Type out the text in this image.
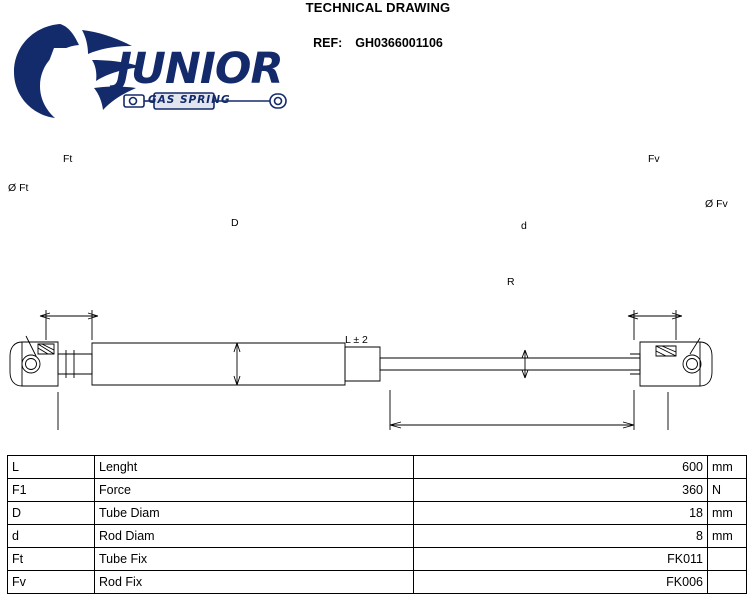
TECHNICAL DRAWING
REF: GH0366001106
JUNIOR
GAS SPRING
Ft	Fv
Ø Ft
Ø Fv
D	d
R
L ± 2
L	Lenght	600	mm
F1	Force	360	N
D	Tube Diam	18	mm
d	Rod Diam	8	mm
Ft	Tube Fix	FK011	
Fv	Rod Fix	FK006	
